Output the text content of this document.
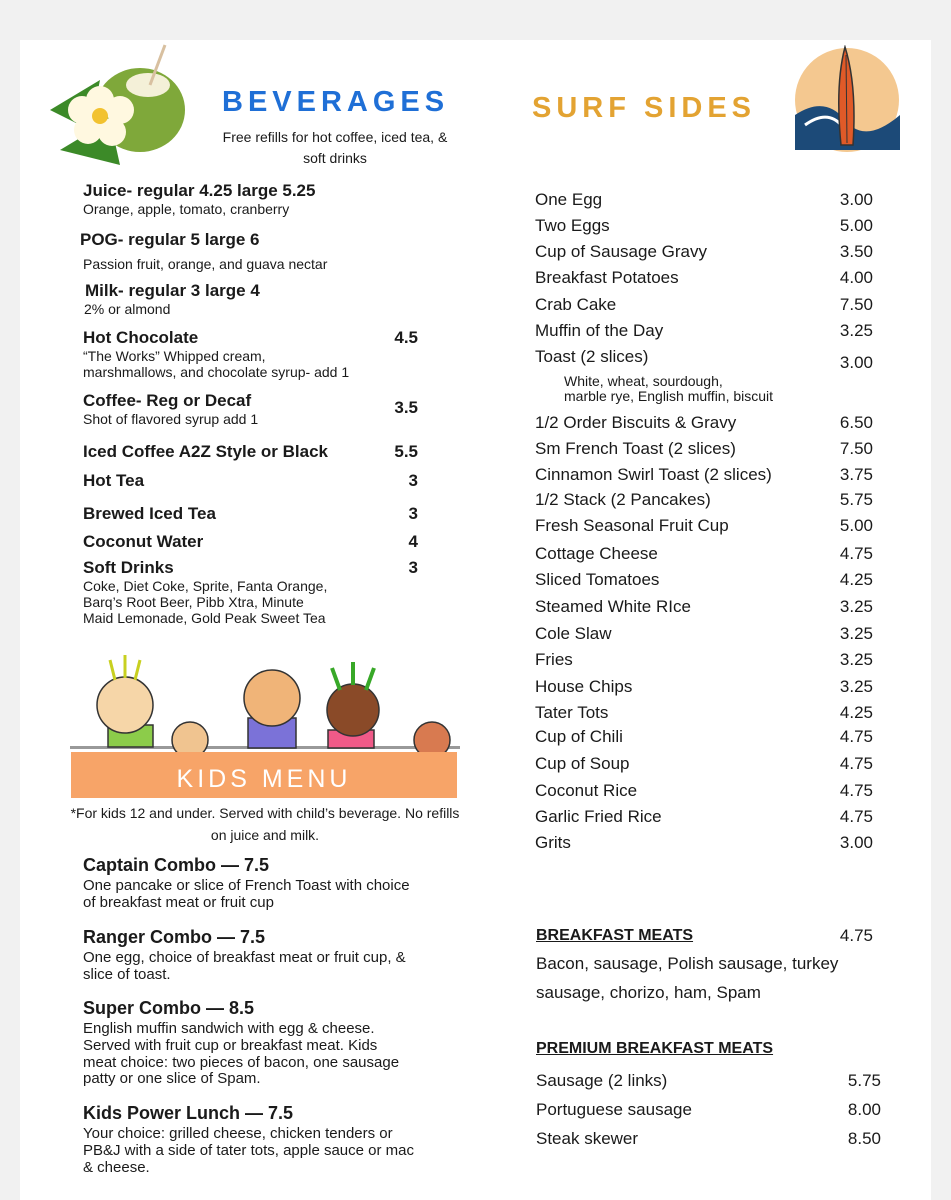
BEVERAGES
Free refills for hot coffee, iced tea, & soft drinks
SURF SIDES
Juice- regular 4.25 large 5.25
Orange, apple, tomato, cranberry
POG- regular 5 large 6
Passion fruit, orange, and guava nectar
Milk- regular 3 large 4
2% or almond
Hot Chocolate	4.5
“The Works” Whipped cream,
marshmallows, and chocolate syrup- add 1
Coffee- Reg or Decaf	3.5
Shot of flavored syrup add 1
Iced Coffee A2Z Style or Black	5.5
Hot Tea	3
Brewed Iced Tea	3
Coconut Water	4
Soft Drinks	3
Coke, Diet Coke, Sprite, Fanta Orange,
Barq’s Root Beer, Pibb Xtra, Minute
Maid Lemonade, Gold Peak Sweet Tea
KIDS MENU
*For kids 12 and under. Served with child’s beverage. No refills on juice and milk.
Captain Combo — 7.5
One pancake or slice of French Toast with choice
of breakfast meat or fruit cup
Ranger Combo — 7.5
One egg, choice of breakfast meat or fruit cup, &
slice of toast.
Super Combo — 8.5
English muffin sandwich with egg & cheese.
Served with fruit cup or breakfast meat. Kids
meat choice: two pieces of bacon, one sausage
patty or one slice of Spam.
Kids Power Lunch — 7.5
Your choice: grilled cheese, chicken tenders or
PB&J with a side of tater tots, apple sauce or mac
& cheese.
One Egg	3.00
Two Eggs	5.00
Cup of Sausage Gravy	3.50
Breakfast Potatoes	4.00
Crab Cake	7.50
Muffin of the Day	3.25
Toast (2 slices)	3.00
1/2 Order Biscuits & Gravy	6.50
Sm French Toast (2 slices)	7.50
Cinnamon Swirl Toast (2 slices)	3.75
1/2 Stack (2 Pancakes)	5.75
Fresh Seasonal Fruit Cup	5.00
Cottage Cheese	4.75
Sliced Tomatoes	4.25
Steamed White RIce	3.25
Cole Slaw	3.25
Fries	3.25
House Chips	3.25
Tater Tots	4.25
Cup of Chili	4.75
Cup of Soup	4.75
Coconut Rice	4.75
Garlic Fried Rice	4.75
Grits	3.00
White, wheat, sourdough,
marble rye, English muffin, biscuit
BREAKFAST MEATS	4.75
Bacon, sausage, Polish sausage, turkey
sausage, chorizo, ham, Spam
PREMIUM BREAKFAST MEATS
Sausage (2 links)	5.75
Portuguese sausage	8.00
Steak skewer	8.50
